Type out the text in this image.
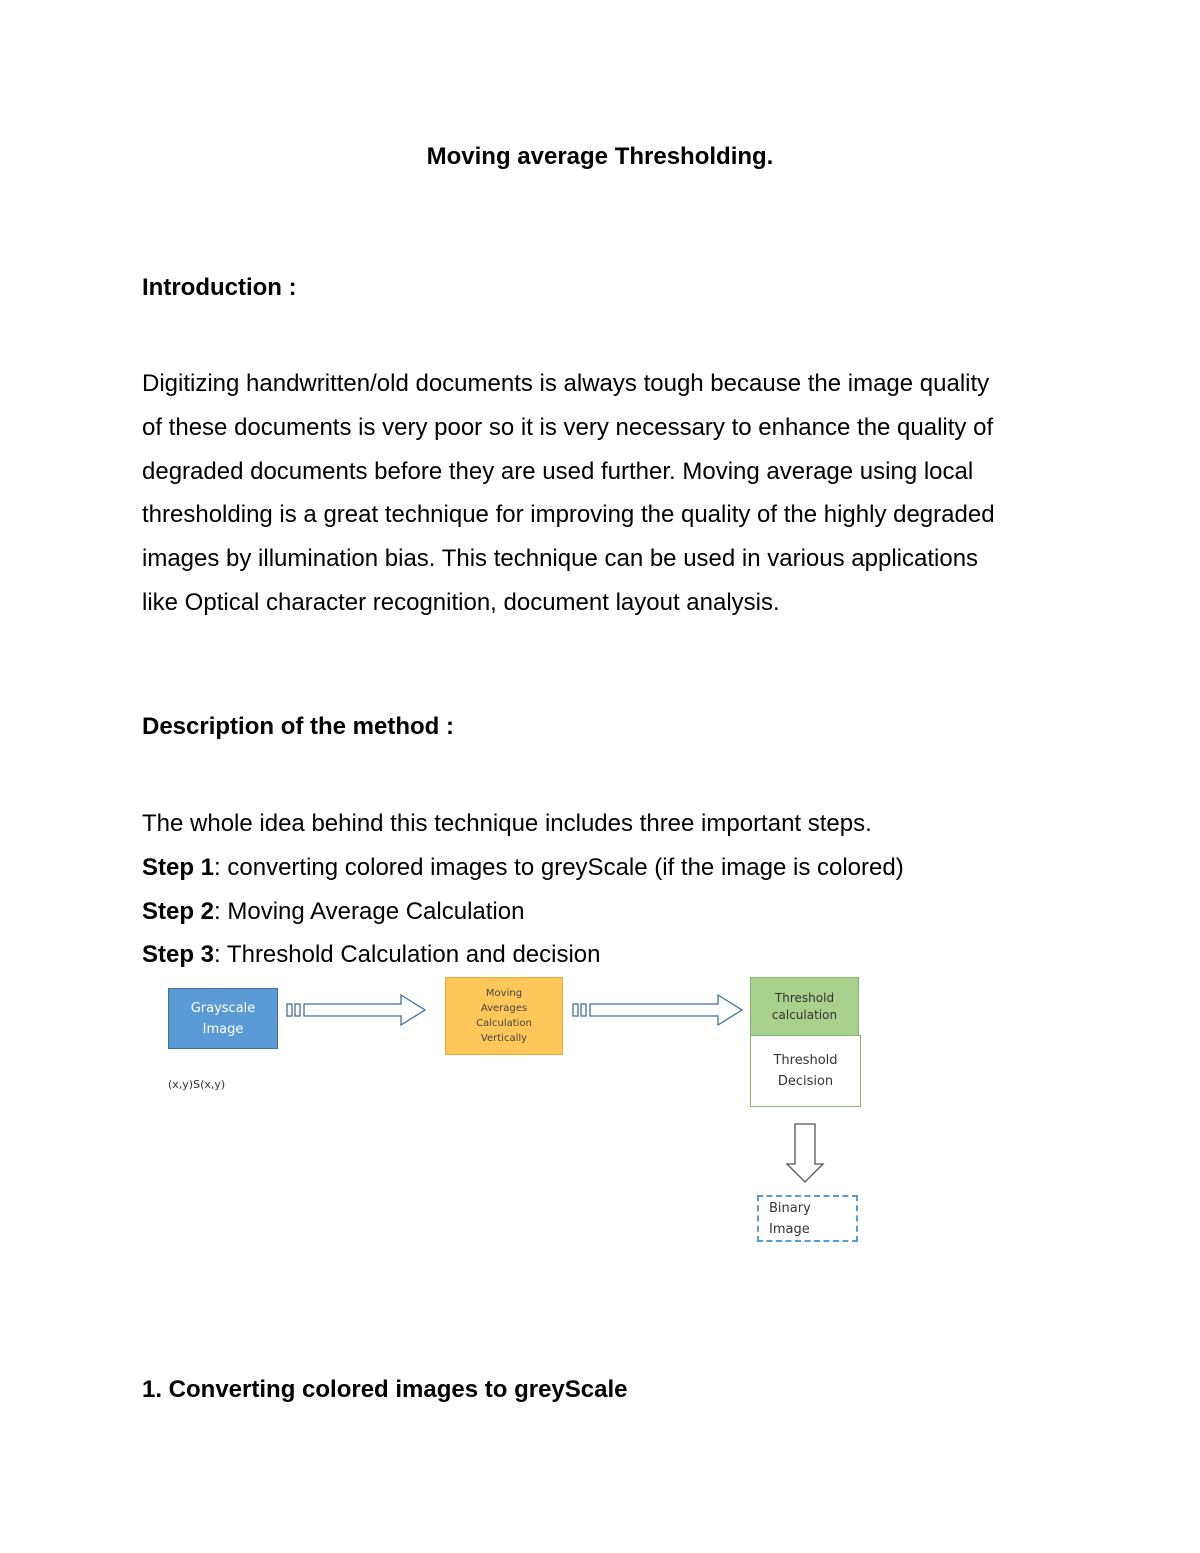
Moving average Thresholding.
Introduction :
Digitizing handwritten/old documents is always tough because the image quality
of these documents is very poor so it is very necessary to enhance the quality of
degraded documents before they are used further. Moving average using local
thresholding is a great technique for improving the quality of the highly degraded
images by illumination bias. This technique can be used in various applications
like Optical character recognition, document layout analysis.
Description of the method :
The whole idea behind this technique includes three important steps.
Step 1: converting colored images to greyScale (if the image is colored)
Step 2: Moving Average Calculation
Step 3: Threshold Calculation and decision
Grayscale
Image
Moving
Averages
Calculation
Vertically
Threshold
calculation
Threshold
Decision
Binary
Image
(x,y)S(x,y)
1. Converting colored images to greyScale
